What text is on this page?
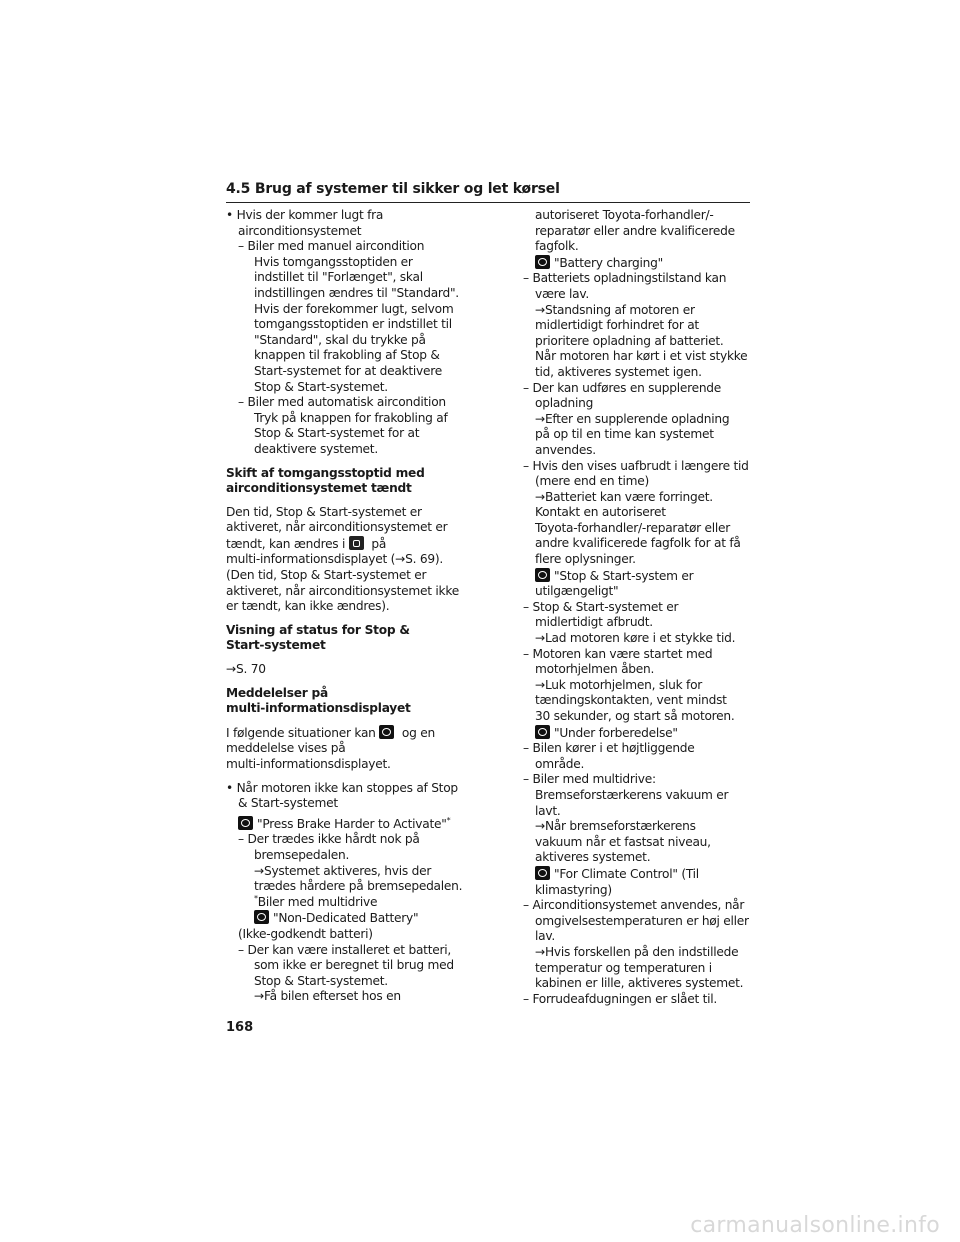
4.5 Brug af systemer til sikker og let kørsel
• Hvis der kommer lugt fra
airconditionsystemet
– Biler med manuel aircondition
Hvis tomgangsstoptiden er
indstillet til "Forlænget", skal
indstillingen ændres til "Standard".
Hvis der forekommer lugt, selvom
tomgangsstoptiden er indstillet til
"Standard", skal du trykke på
knappen til frakobling af Stop &
Start-systemet for at deaktivere
Stop & Start-systemet.
– Biler med automatisk aircondition
Tryk på knappen for frakobling af
Stop & Start-systemet for at
deaktivere systemet.
Skift af tomgangsstoptid med
airconditionsystemet tændt
Den tid, Stop & Start-systemet er
aktiveret, når airconditionsystemet er
tændt, kan ændres i på
multi-informationsdisplayet (→S. 69).
(Den tid, Stop & Start-systemet er
aktiveret, når airconditionsystemet ikke
er tændt, kan ikke ændres).
Visning af status for Stop &
Start-systemet
→S. 70
Meddelelser på
multi-informationsdisplayet
I følgende situationer kan og en
meddelelse vises på
multi-informationsdisplayet.
• Når motoren ikke kan stoppes af Stop
& Start-systemet
"Press Brake Harder to Activate"*
– Der trædes ikke hårdt nok på
bremsepedalen.
→Systemet aktiveres, hvis der
trædes hårdere på bremsepedalen.
*Biler med multidrive
"Non-Dedicated Battery"
(Ikke-godkendt batteri)
– Der kan være installeret et batteri,
som ikke er beregnet til brug med
Stop & Start-systemet.
→Få bilen efterset hos en
autoriseret Toyota-forhandler/-
reparatør eller andre kvalificerede
fagfolk.
"Battery charging"
– Batteriets opladningstilstand kan
være lav.
→Standsning af motoren er
midlertidigt forhindret for at
prioritere opladning af batteriet.
Når motoren har kørt i et vist stykke
tid, aktiveres systemet igen.
– Der kan udføres en supplerende
opladning
→Efter en supplerende opladning
på op til en time kan systemet
anvendes.
– Hvis den vises uafbrudt i længere tid
(mere end en time)
→Batteriet kan være forringet.
Kontakt en autoriseret
Toyota-forhandler/-reparatør eller
andre kvalificerede fagfolk for at få
flere oplysninger.
"Stop & Start-system er
utilgængeligt"
– Stop & Start-systemet er
midlertidigt afbrudt.
→Lad motoren køre i et stykke tid.
– Motoren kan være startet med
motorhjelmen åben.
→Luk motorhjelmen, sluk for
tændingskontakten, vent mindst
30 sekunder, og start så motoren.
"Under forberedelse"
– Bilen kører i et højtliggende
område.
– Biler med multidrive:
Bremseforstærkerens vakuum er
lavt.
→Når bremseforstærkerens
vakuum når et fastsat niveau,
aktiveres systemet.
"For Climate Control" (Til
klimastyring)
– Airconditionsystemet anvendes, når
omgivelsestemperaturen er høj eller
lav.
→Hvis forskellen på den indstillede
temperatur og temperaturen i
kabinen er lille, aktiveres systemet.
– Forrudeafdugningen er slået til.
168
carmanualsonline.info
